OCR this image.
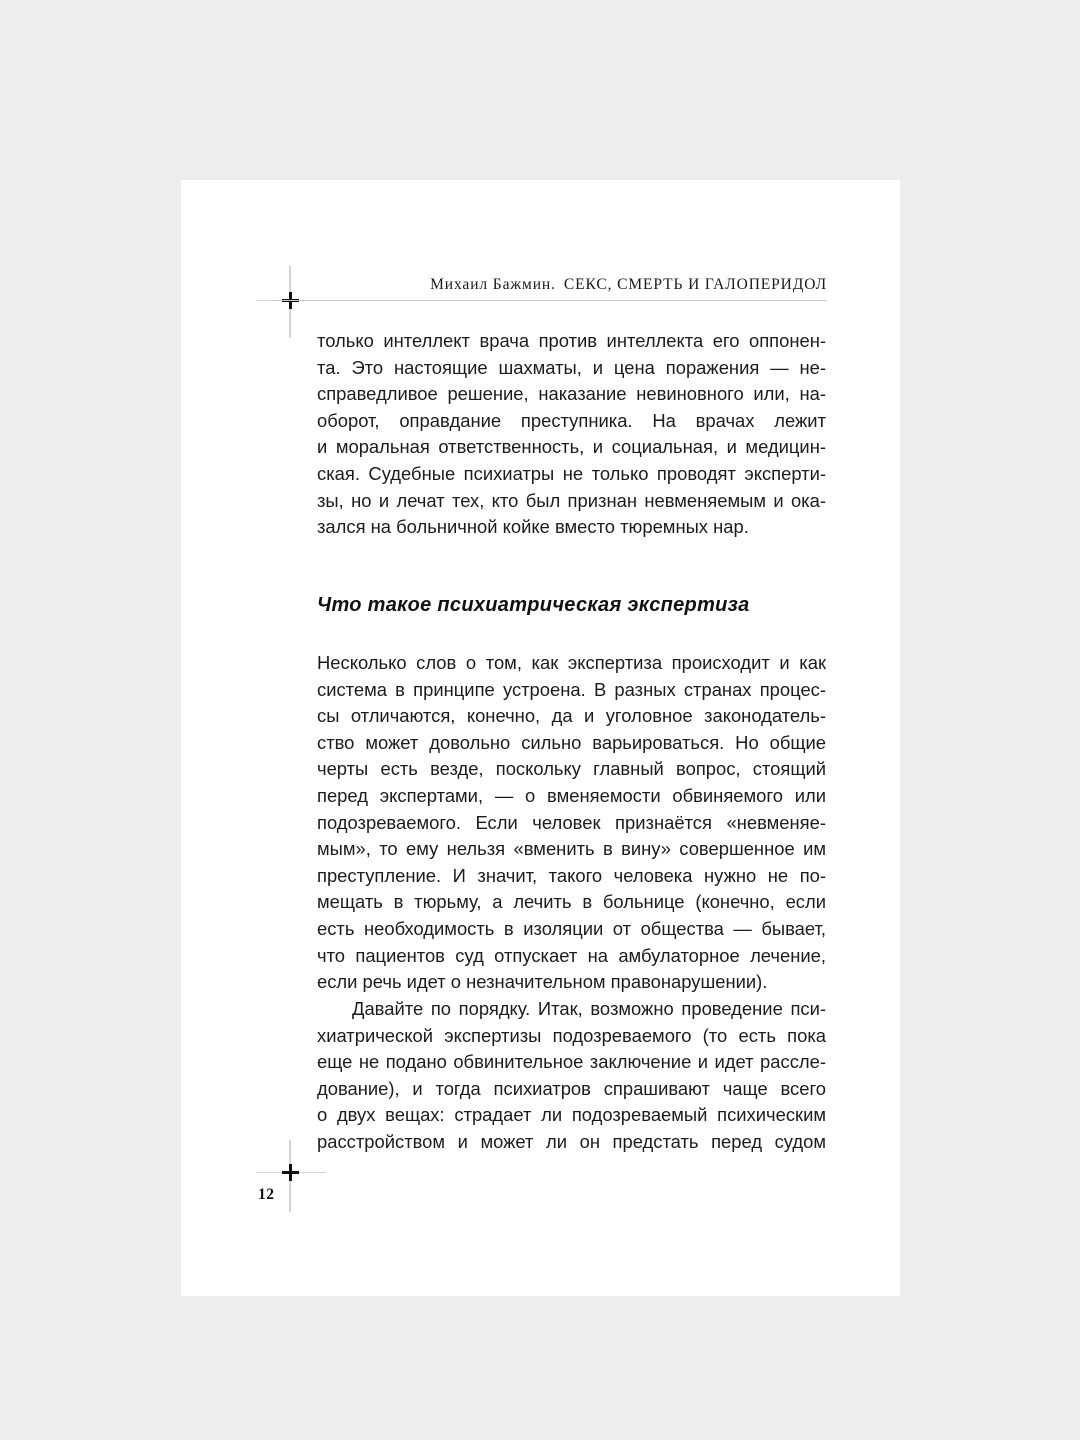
Михаил Бажмин. СЕКС, СМЕРТЬ И ГАЛОПЕРИДОЛ
только интеллект врача против интеллекта его оппонен-
та. Это настоящие шахматы, и цена поражения — не-
справедливое решение, наказание невиновного или, на-
оборот, оправдание преступника. На врачах лежит
и моральная ответственность, и социальная, и медицин-
ская. Судебные психиатры не только проводят эксперти-
зы, но и лечат тех, кто был признан невменяемым и ока-
зался на больничной койке вместо тюремных нар.
Что такое психиатрическая экспертиза
Несколько слов о том, как экспертиза происходит и как
система в принципе устроена. В разных странах процес-
сы отличаются, конечно, да и уголовное законодатель-
ство может довольно сильно варьироваться. Но общие
черты есть везде, поскольку главный вопрос, стоящий
перед экспертами, — о вменяемости обвиняемого или
подозреваемого. Если человек признаётся «невменяе-
мым», то ему нельзя «вменить в вину» совершенное им
преступление. И значит, такого человека нужно не по-
мещать в тюрьму, а лечить в больнице (конечно, если
есть необходимость в изоляции от общества — бывает,
что пациентов суд отпускает на амбулаторное лечение,
если речь идет о незначительном правонарушении).
Давайте по порядку. Итак, возможно проведение пси-
хиатрической экспертизы подозреваемого (то есть пока
еще не подано обвинительное заключение и идет рассле-
дование), и тогда психиатров спрашивают чаще всего
о двух вещах: страдает ли подозреваемый психическим
расстройством и может ли он предстать перед судом
12
